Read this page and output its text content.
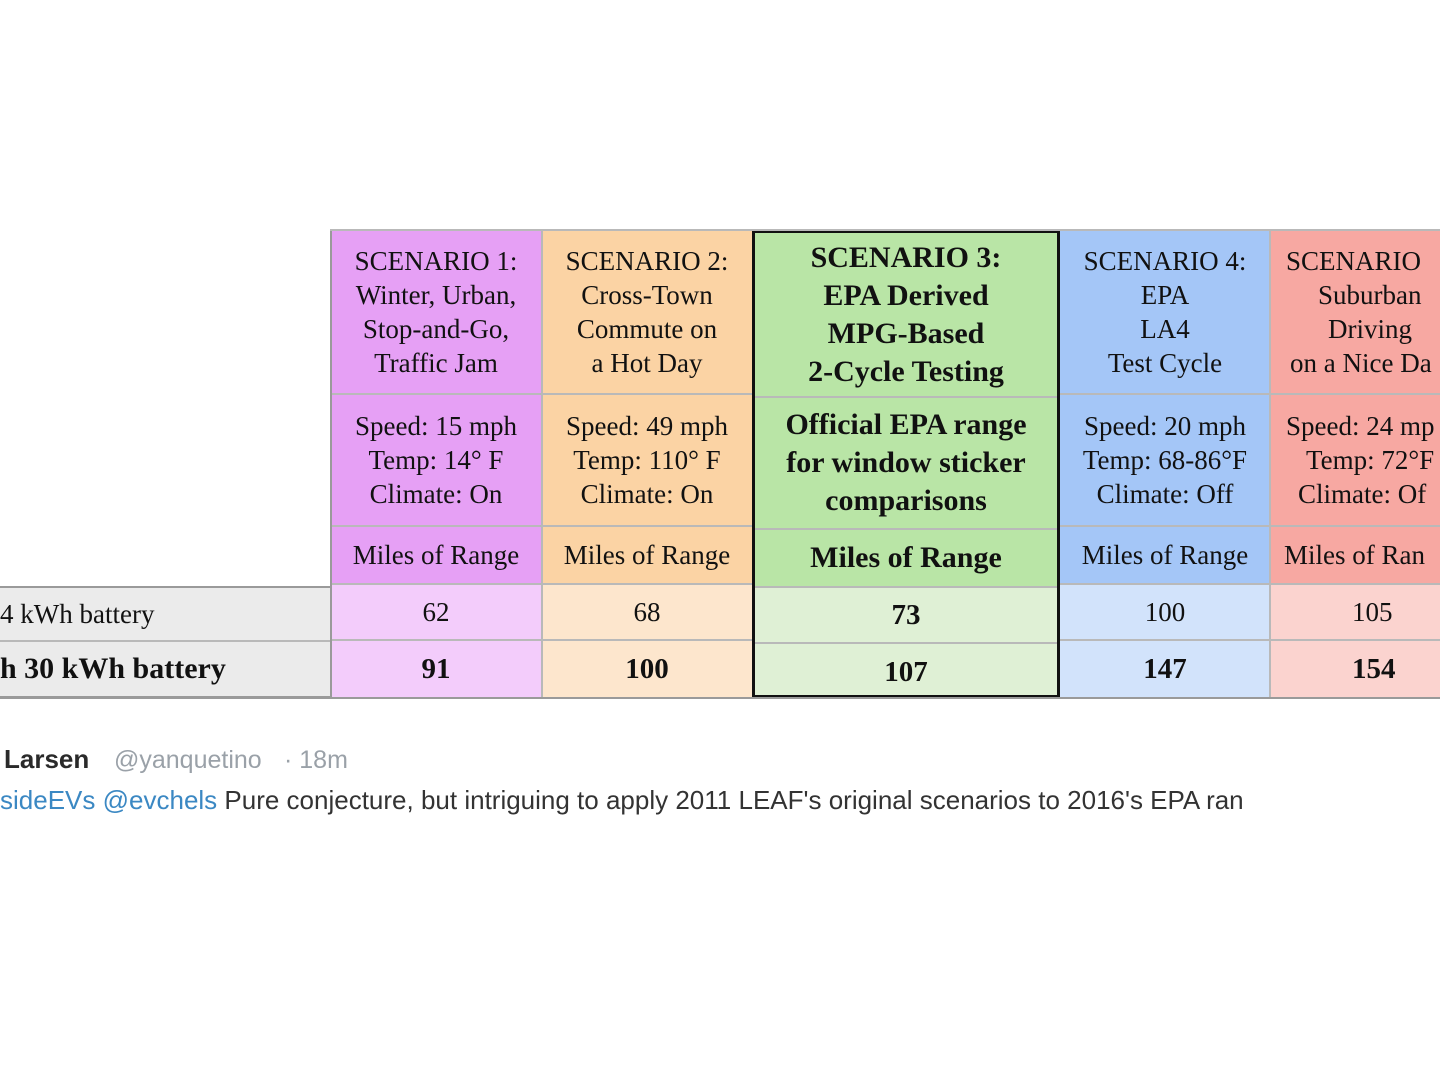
4 kWh battery
h 30 kWh battery
SCENARIO 1:
Winter, Urban,
Stop-and-Go,
Traffic Jam
Speed: 15 mph
Temp: 14° F
Climate: On
Miles of Range
62
91
SCENARIO 2:
Cross-Town
Commute on
a Hot Day
Speed: 49 mph
Temp: 110° F
Climate: On
Miles of Range
68
100
SCENARIO 3:
EPA Derived
MPG-Based
2-Cycle Testing
Official EPA range
for window sticker
comparisons
Miles of Range
73
107
SCENARIO 4:
EPA
LA4
Test Cycle
Speed: 20 mph
Temp: 68-86°F
Climate: Off
Miles of Range
100
147
SCENARIO
Suburban
Driving
on a Nice Da
Speed: 24 mp
Temp: 72°F
Climate: Of
Miles of Ran
105
154
Larsen @yanquetino · 18m
sideEVs @evchels Pure conjecture, but intriguing to apply 2011 LEAF's original scenarios to 2016's EPA ran
